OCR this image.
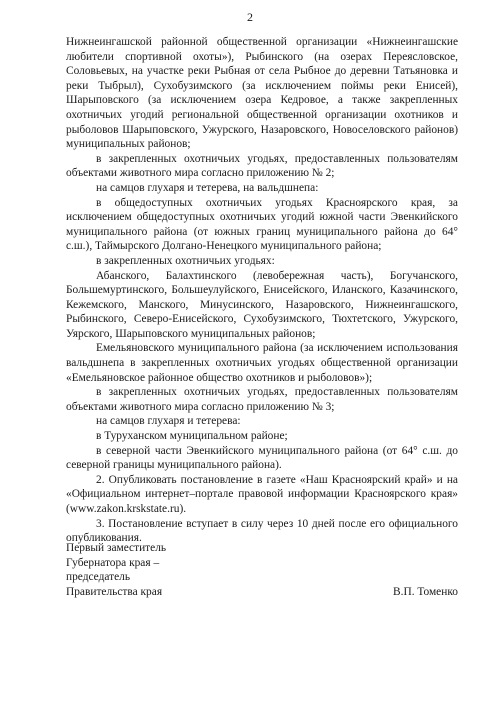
2

Нижнеингашской районной общественной организации «Нижнеингашские любители спортивной охоты»), Рыбинского (на озерах Переясловское, Соловьевых, на участке реки Рыбная от села Рыбное до деревни Татьяновка и реки Тыбрыл), Сухобузимского (за исключением поймы реки Енисей), Шарыповского (за исключением озера Кедровое, а также закрепленных охотничьих угодий региональной общественной организации охотников и рыболовов Шарыповского, Ужурского, Назаровского, Новоселовского районов) муниципальных районов;

в закрепленных охотничьих угодьях, предоставленных пользователям объектами животного мира согласно приложению № 2;

на самцов глухаря и тетерева, на вальдшнепа:

в общедоступных охотничьих угодьях Красноярского края, за исключением общедоступных охотничьих угодий южной части Эвенкийского муниципального района (от южных границ муниципального района до 64° с.ш.), Таймырского Долгано-Ненецкого муниципального района;

в закрепленных охотничьих угодьях:

Абанского, Балахтинского (левобережная часть), Богучанского, Большемуртинского, Большеулуйского, Енисейского, Иланского, Казачинского, Кежемского, Манского, Минусинского, Назаровского, Нижнеингашского, Рыбинского, Северо-Енисейского, Сухобузимского, Тюхтетского, Ужурского, Уярского, Шарыповского муниципальных районов;

Емельяновского муниципального района (за исключением использования вальдшнепа в закрепленных охотничьих угодьях общественной организации «Емельяновское районное общество охотников и рыболовов»);

в закрепленных охотничьих угодьях, предоставленных пользователям объектами животного мира согласно приложению № 3;

на самцов глухаря и тетерева:

в Туруханском муниципальном районе;

в северной части Эвенкийского муниципального района (от 64° с.ш. до северной границы муниципального района).

2. Опубликовать постановление в газете «Наш Красноярский край» и на «Официальном интернет–портале правовой информации Красноярского края» (www.zakon.krskstate.ru).

3. Постановление вступает в силу через 10 дней после его официального опубликования.

Первый заместитель
Губернатора края –
председатель
Правительства края	В.П. Томенко
